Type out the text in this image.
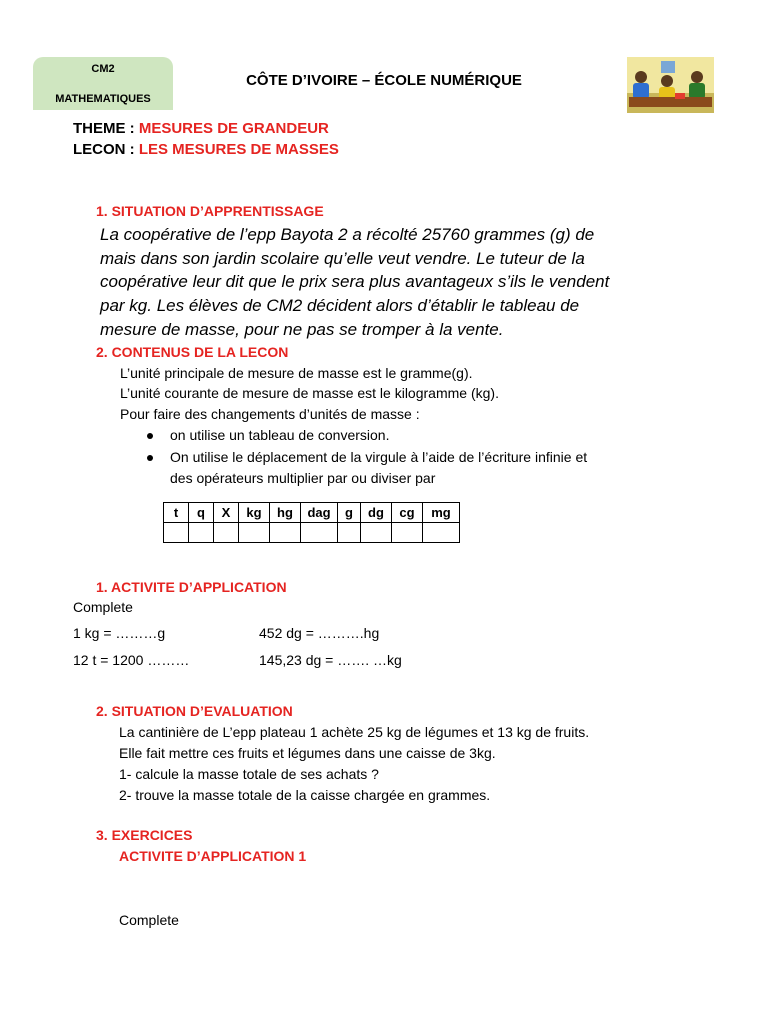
CM2
MATHEMATIQUES
CÔTE D’IVOIRE – ÉCOLE NUMÉRIQUE
THEME : MESURES DE GRANDEUR
LECON : LES MESURES DE MASSES
1. SITUATION D’APPRENTISSAGE
La coopérative de l’epp Bayota 2 a récolté 25760 grammes (g) de
mais dans son jardin scolaire qu’elle veut vendre. Le tuteur de la
coopérative leur dit que le prix sera plus avantageux s’ils le vendent
par kg. Les élèves de CM2 décident alors d’établir le tableau de
mesure de masse, pour ne pas se tromper à la vente.
2. CONTENUS DE LA LECON
L’unité principale de mesure de masse est le gramme(g).
L’unité courante de mesure de masse est le kilogramme (kg).
Pour faire des changements d’unités de masse :
on utilise un tableau de conversion.
On utilise le déplacement de la virgule à l’aide de l’écriture infinie et
des opérateurs multiplier par ou diviser par
t	q	X	kg	hg	dag	g	dg	cg	mg

1. ACTIVITE D’APPLICATION
Complete
1 kg = ………g	452 dg = ……….hg
12 t = 1200 ………	145,23 dg = ……. …kg
2. SITUATION D’EVALUATION
La cantinière de L’epp plateau 1 achète 25 kg de légumes et 13 kg de fruits.
Elle fait mettre ces fruits et légumes dans une caisse de 3kg.
1- calcule la masse totale de ses achats ?
2- trouve la masse totale de la caisse chargée en grammes.
3. EXERCICES
ACTIVITE D’APPLICATION 1
Complete
